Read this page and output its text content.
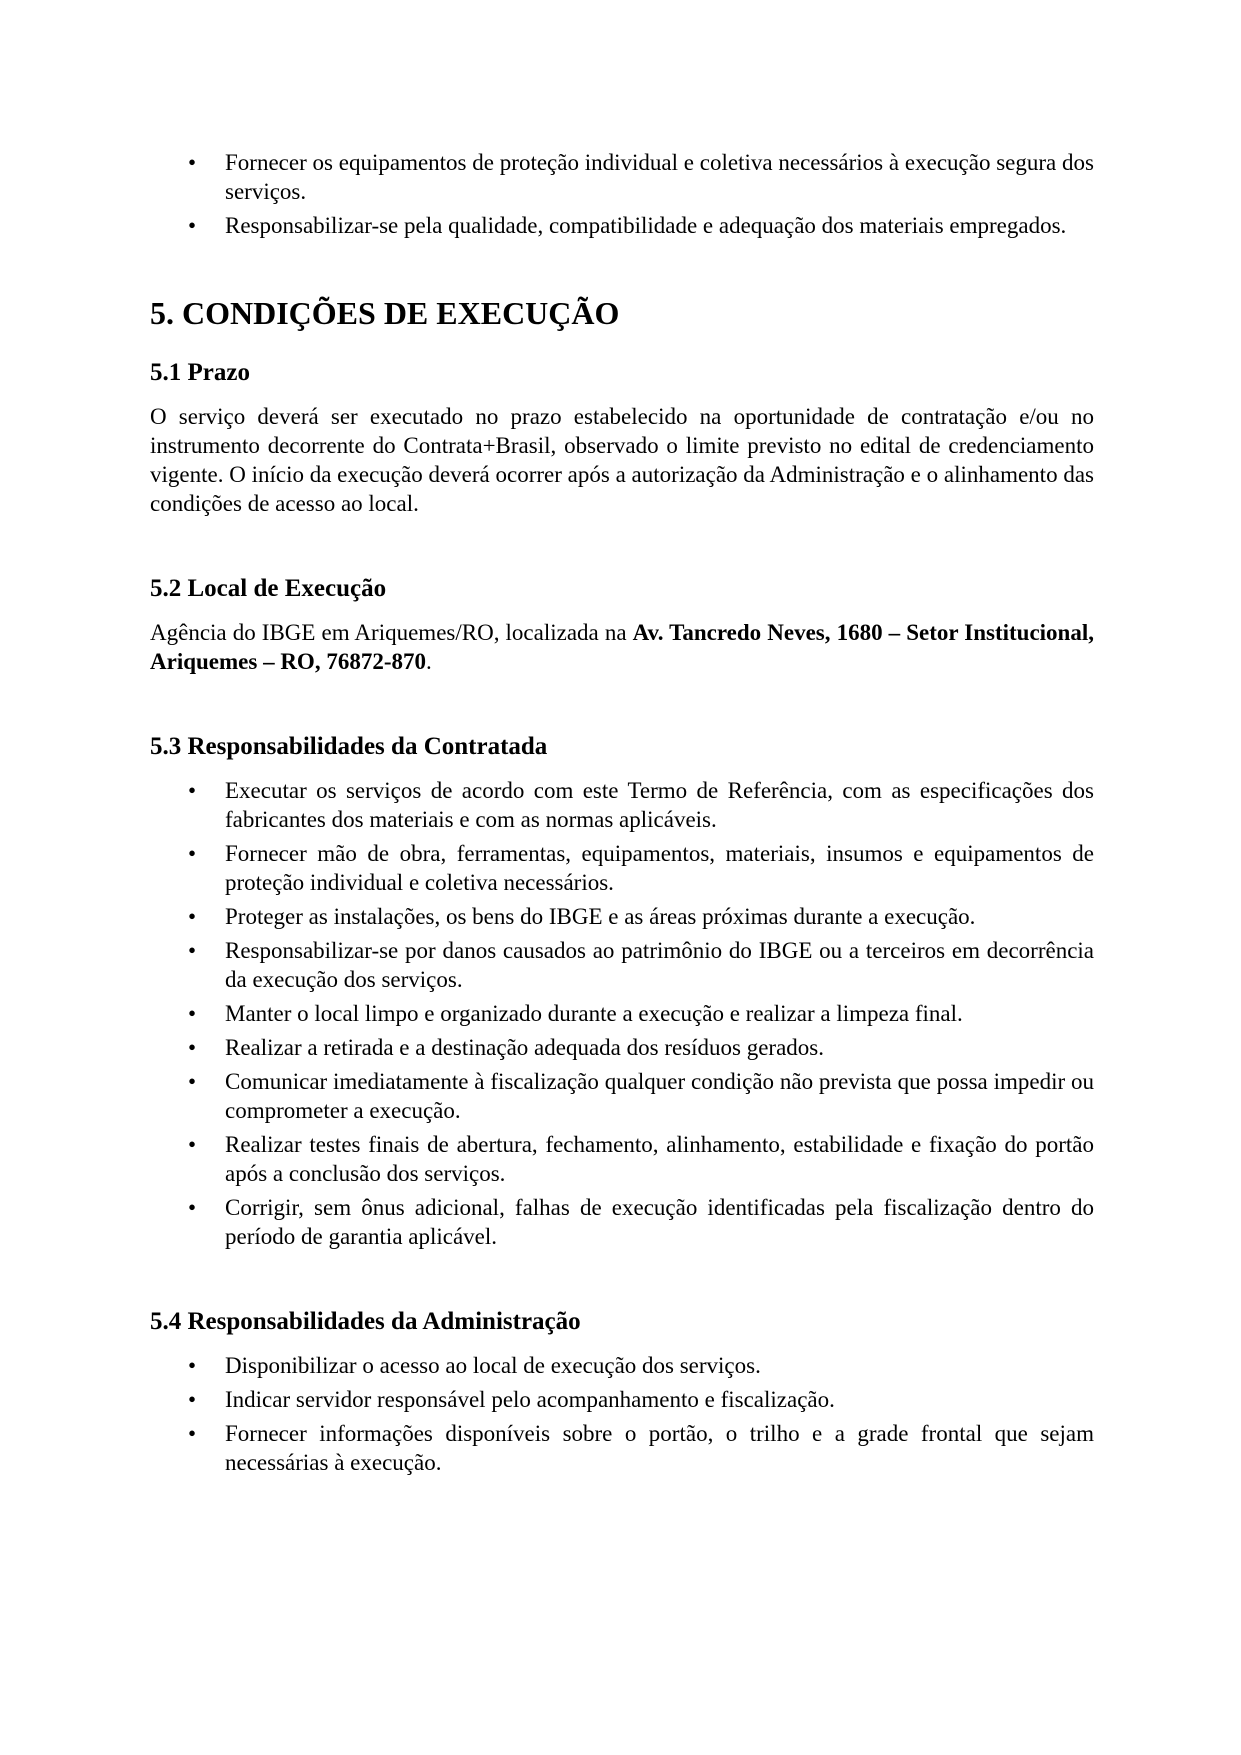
• Fornecer os equipamentos de proteção individual e coletiva necessários à execução segura dos serviços.
• Responsabilizar-se pela qualidade, compatibilidade e adequação dos materiais empregados.
5. CONDIÇÕES DE EXECUÇÃO
5.1 Prazo

O serviço deverá ser executado no prazo estabelecido na oportunidade de contratação e/ou no instrumento decorrente do Contrata+Brasil, observado o limite previsto no edital de credenciamento vigente. O início da execução deverá ocorrer após a autorização da Administração e o alinhamento das condições de acesso ao local.

5.2 Local de Execução

Agência do IBGE em Ariquemes/RO, localizada na Av. Tancredo Neves, 1680 – Setor Institucional, Ariquemes – RO, 76872-870.

5.3 Responsabilidades da Contratada
• Executar os serviços de acordo com este Termo de Referência, com as especificações dos fabricantes dos materiais e com as normas aplicáveis.
• Fornecer mão de obra, ferramentas, equipamentos, materiais, insumos e equipamentos de proteção individual e coletiva necessários.
• Proteger as instalações, os bens do IBGE e as áreas próximas durante a execução.
• Responsabilizar-se por danos causados ao patrimônio do IBGE ou a terceiros em decorrência da execução dos serviços.
• Manter o local limpo e organizado durante a execução e realizar a limpeza final.
• Realizar a retirada e a destinação adequada dos resíduos gerados.
• Comunicar imediatamente à fiscalização qualquer condição não prevista que possa impedir ou comprometer a execução.
• Realizar testes finais de abertura, fechamento, alinhamento, estabilidade e fixação do portão após a conclusão dos serviços.
• Corrigir, sem ônus adicional, falhas de execução identificadas pela fiscalização dentro do período de garantia aplicável.
5.4 Responsabilidades da Administração
• Disponibilizar o acesso ao local de execução dos serviços.
• Indicar servidor responsável pelo acompanhamento e fiscalização.
• Fornecer informações disponíveis sobre o portão, o trilho e a grade frontal que sejam necessárias à execução.
